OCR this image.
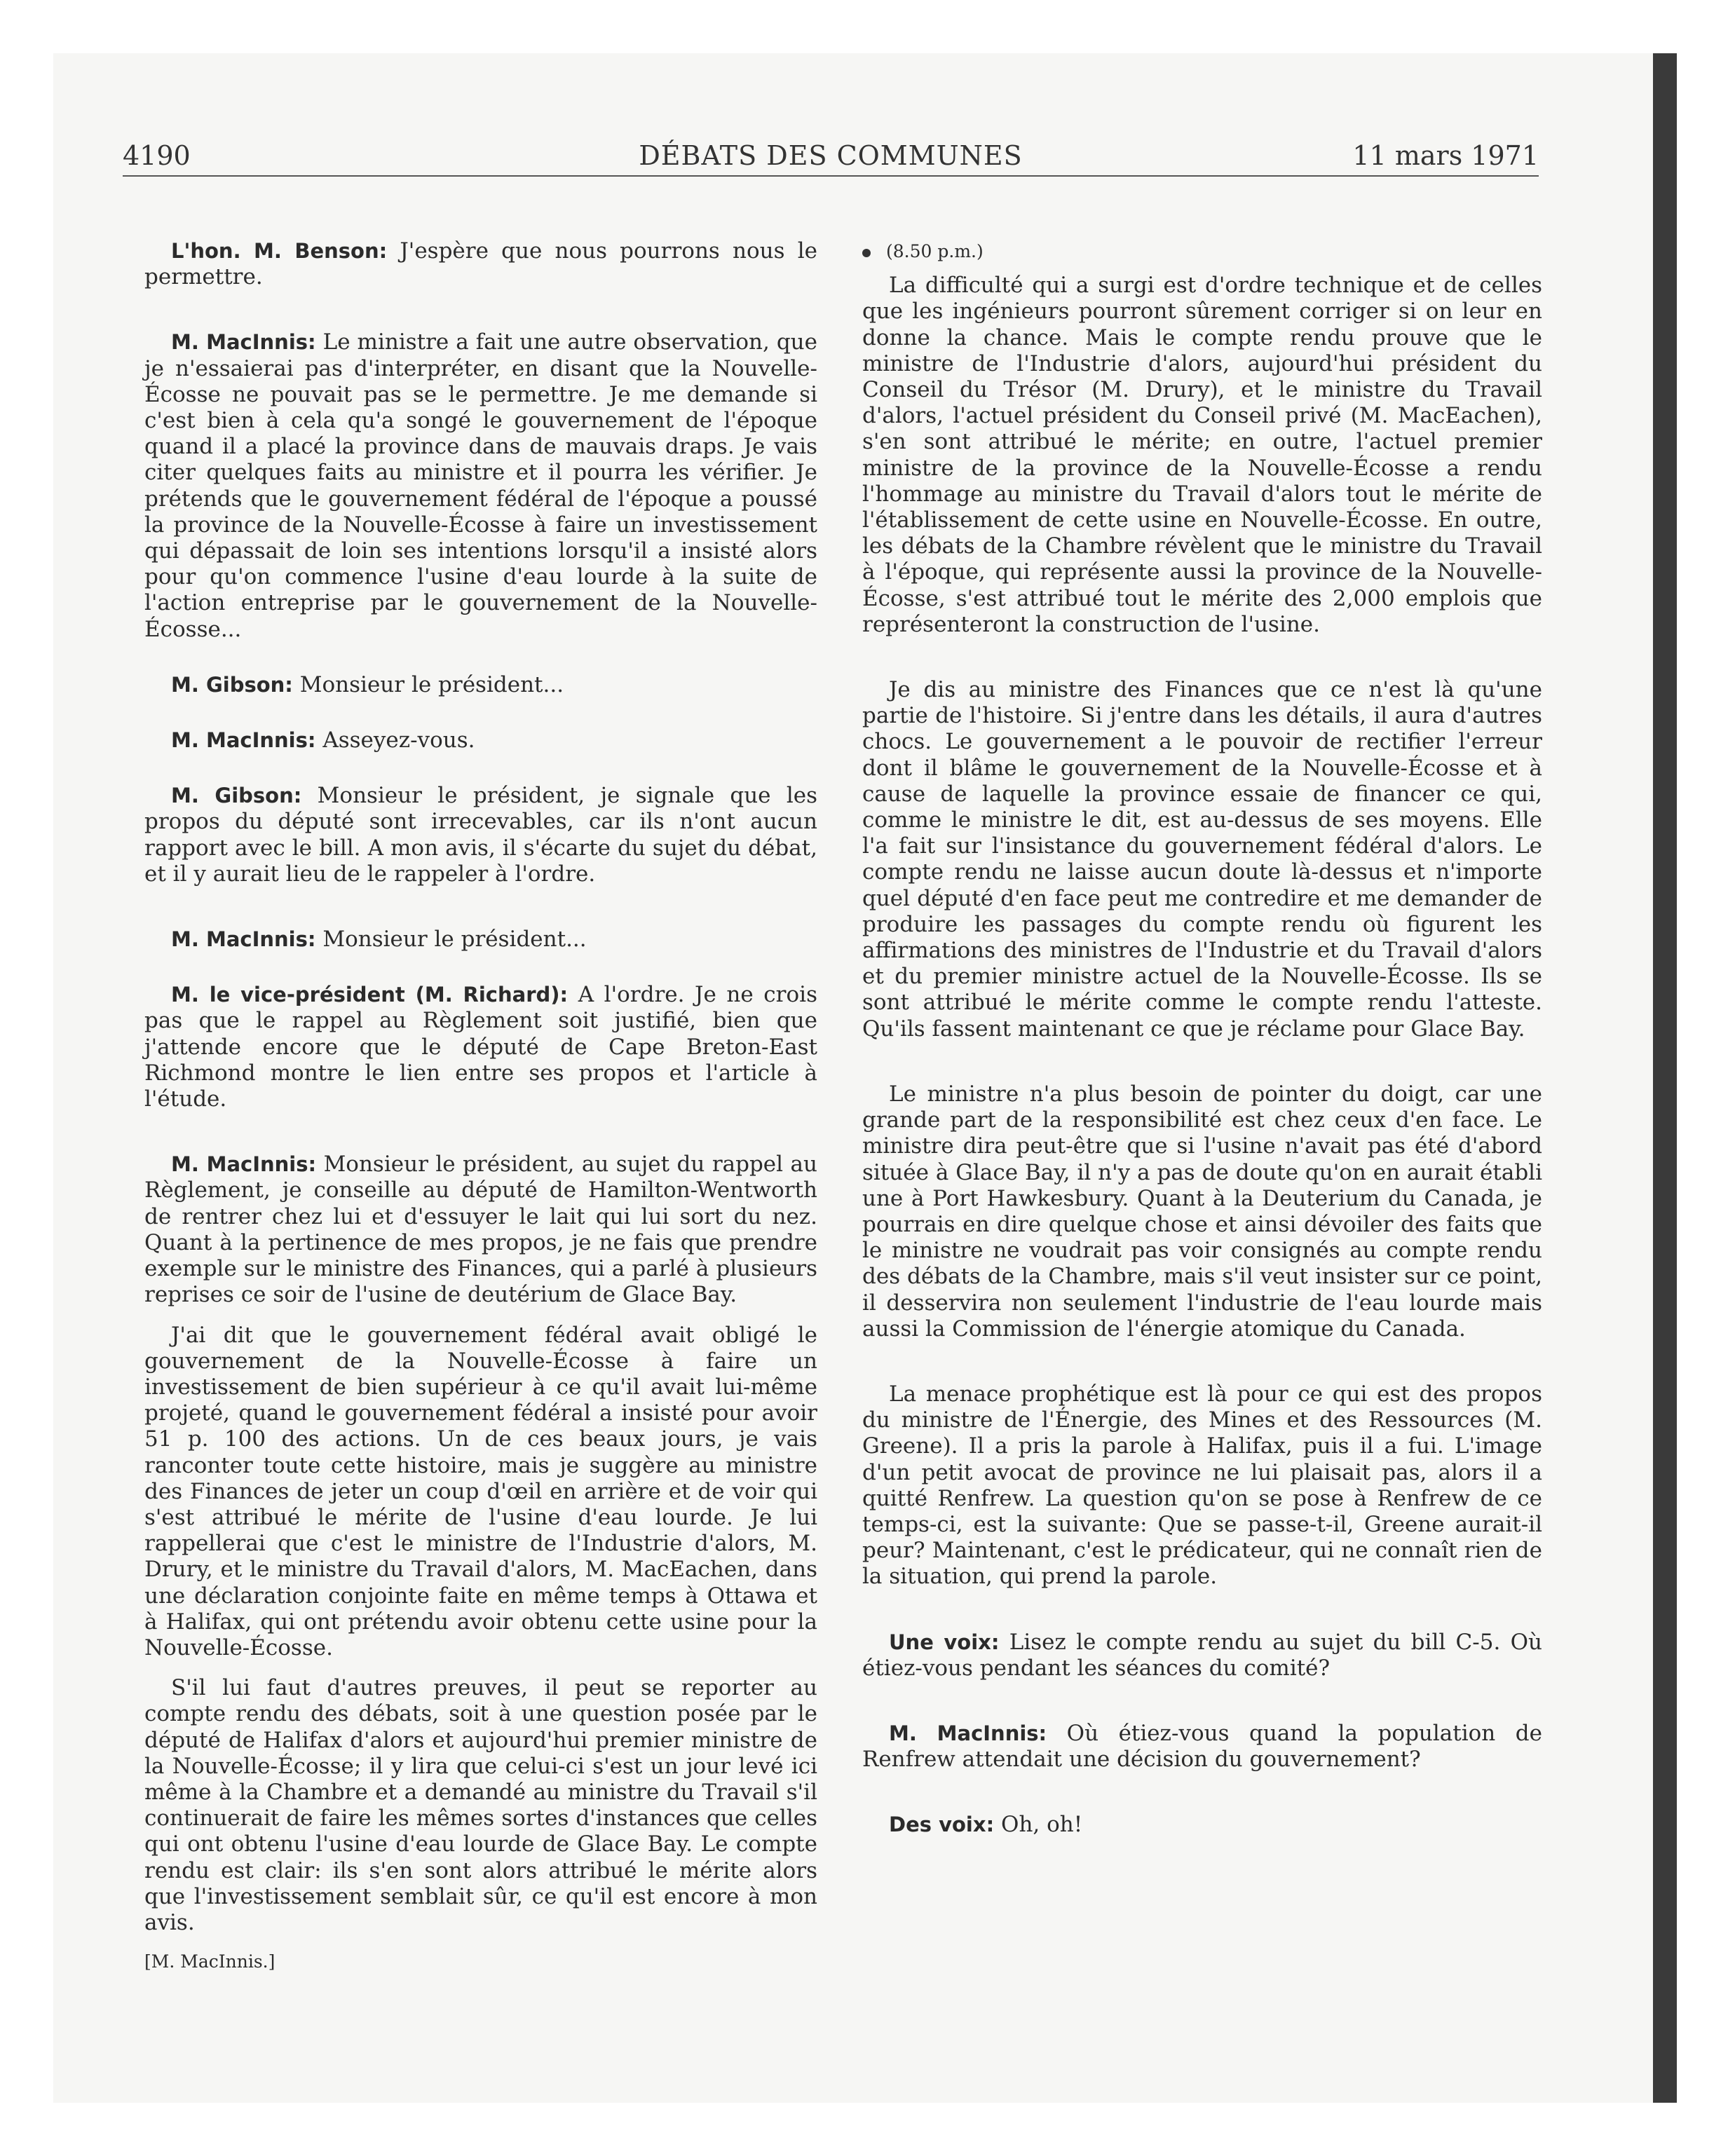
4190	DÉBATS DES COMMUNES	11 mars 1971

L'hon. M. Benson: J'espère que nous pourrons nous le permettre.

M. MacInnis: Le ministre a fait une autre observation, que je n'essaierai pas d'interpréter, en disant que la Nouvelle-Écosse ne pouvait pas se le permettre. Je me demande si c'est bien à cela qu'a songé le gouvernement de l'époque quand il a placé la province dans de mauvais draps. Je vais citer quelques faits au ministre et il pourra les vérifier. Je prétends que le gouvernement fédéral de l'époque a poussé la province de la Nouvelle-Écosse à faire un investissement qui dépassait de loin ses intentions lorsqu'il a insisté alors pour qu'on commence l'usine d'eau lourde à la suite de l'action entreprise par le gouvernement de la Nouvelle-Écosse...

M. Gibson: Monsieur le président...

M. MacInnis: Asseyez-vous.

M. Gibson: Monsieur le président, je signale que les propos du député sont irrecevables, car ils n'ont aucun rapport avec le bill. A mon avis, il s'écarte du sujet du débat, et il y aurait lieu de le rappeler à l'ordre.

M. MacInnis: Monsieur le président...

M. le vice-président (M. Richard): A l'ordre. Je ne crois pas que le rappel au Règlement soit justifié, bien que j'attende encore que le député de Cape Breton-East Richmond montre le lien entre ses propos et l'article à l'étude.

M. MacInnis: Monsieur le président, au sujet du rappel au Règlement, je conseille au député de Hamilton-Wentworth de rentrer chez lui et d'essuyer le lait qui lui sort du nez. Quant à la pertinence de mes propos, je ne fais que prendre exemple sur le ministre des Finances, qui a parlé à plusieurs reprises ce soir de l'usine de deutérium de Glace Bay.

J'ai dit que le gouvernement fédéral avait obligé le gouvernement de la Nouvelle-Écosse à faire un investissement de bien supérieur à ce qu'il avait lui-même projeté, quand le gouvernement fédéral a insisté pour avoir 51 p. 100 des actions. Un de ces beaux jours, je vais ranconter toute cette histoire, mais je suggère au ministre des Finances de jeter un coup d'œil en arrière et de voir qui s'est attribué le mérite de l'usine d'eau lourde. Je lui rappellerai que c'est le ministre de l'Industrie d'alors, M. Drury, et le ministre du Travail d'alors, M. MacEachen, dans une déclaration conjointe faite en même temps à Ottawa et à Halifax, qui ont prétendu avoir obtenu cette usine pour la Nouvelle-Écosse.

S'il lui faut d'autres preuves, il peut se reporter au compte rendu des débats, soit à une question posée par le député de Halifax d'alors et aujourd'hui premier ministre de la Nouvelle-Écosse; il y lira que celui-ci s'est un jour levé ici même à la Chambre et a demandé au ministre du Travail s'il continuerait de faire les mêmes sortes d'instances que celles qui ont obtenu l'usine d'eau lourde de Glace Bay. Le compte rendu est clair: ils s'en sont alors attribué le mérite alors que l'investissement semblait sûr, ce qu'il est encore à mon avis.

[M. MacInnis.]

(8.50 p.m.)

La difficulté qui a surgi est d'ordre technique et de celles que les ingénieurs pourront sûrement corriger si on leur en donne la chance. Mais le compte rendu prouve que le ministre de l'Industrie d'alors, aujourd'hui président du Conseil du Trésor (M. Drury), et le ministre du Travail d'alors, l'actuel président du Conseil privé (M. MacEachen), s'en sont attribué le mérite; en outre, l'actuel premier ministre de la province de la Nouvelle-Écosse a rendu l'hommage au ministre du Travail d'alors tout le mérite de l'établissement de cette usine en Nouvelle-Écosse. En outre, les débats de la Chambre révèlent que le ministre du Travail à l'époque, qui représente aussi la province de la Nouvelle-Écosse, s'est attribué tout le mérite des 2,000 emplois que représenteront la construction de l'usine.

Je dis au ministre des Finances que ce n'est là qu'une partie de l'histoire. Si j'entre dans les détails, il aura d'autres chocs. Le gouvernement a le pouvoir de rectifier l'erreur dont il blâme le gouvernement de la Nouvelle-Écosse et à cause de laquelle la province essaie de financer ce qui, comme le ministre le dit, est au-dessus de ses moyens. Elle l'a fait sur l'insistance du gouvernement fédéral d'alors. Le compte rendu ne laisse aucun doute là-dessus et n'importe quel député d'en face peut me contredire et me demander de produire les passages du compte rendu où figurent les affirmations des ministres de l'Industrie et du Travail d'alors et du premier ministre actuel de la Nouvelle-Écosse. Ils se sont attribué le mérite comme le compte rendu l'atteste. Qu'ils fassent maintenant ce que je réclame pour Glace Bay.

Le ministre n'a plus besoin de pointer du doigt, car une grande part de la responsibilité est chez ceux d'en face. Le ministre dira peut-être que si l'usine n'avait pas été d'abord située à Glace Bay, il n'y a pas de doute qu'on en aurait établi une à Port Hawkesbury. Quant à la Deuterium du Canada, je pourrais en dire quelque chose et ainsi dévoiler des faits que le ministre ne voudrait pas voir consignés au compte rendu des débats de la Chambre, mais s'il veut insister sur ce point, il desservira non seulement l'industrie de l'eau lourde mais aussi la Commission de l'énergie atomique du Canada.

La menace prophétique est là pour ce qui est des propos du ministre de l'Énergie, des Mines et des Ressources (M. Greene). Il a pris la parole à Halifax, puis il a fui. L'image d'un petit avocat de province ne lui plaisait pas, alors il a quitté Renfrew. La question qu'on se pose à Renfrew de ce temps-ci, est la suivante: Que se passe-t-il, Greene aurait-il peur? Maintenant, c'est le prédicateur, qui ne connaît rien de la situation, qui prend la parole.

Une voix: Lisez le compte rendu au sujet du bill C-5. Où étiez-vous pendant les séances du comité?

M. MacInnis: Où étiez-vous quand la population de Renfrew attendait une décision du gouvernement?

Des voix: Oh, oh!
